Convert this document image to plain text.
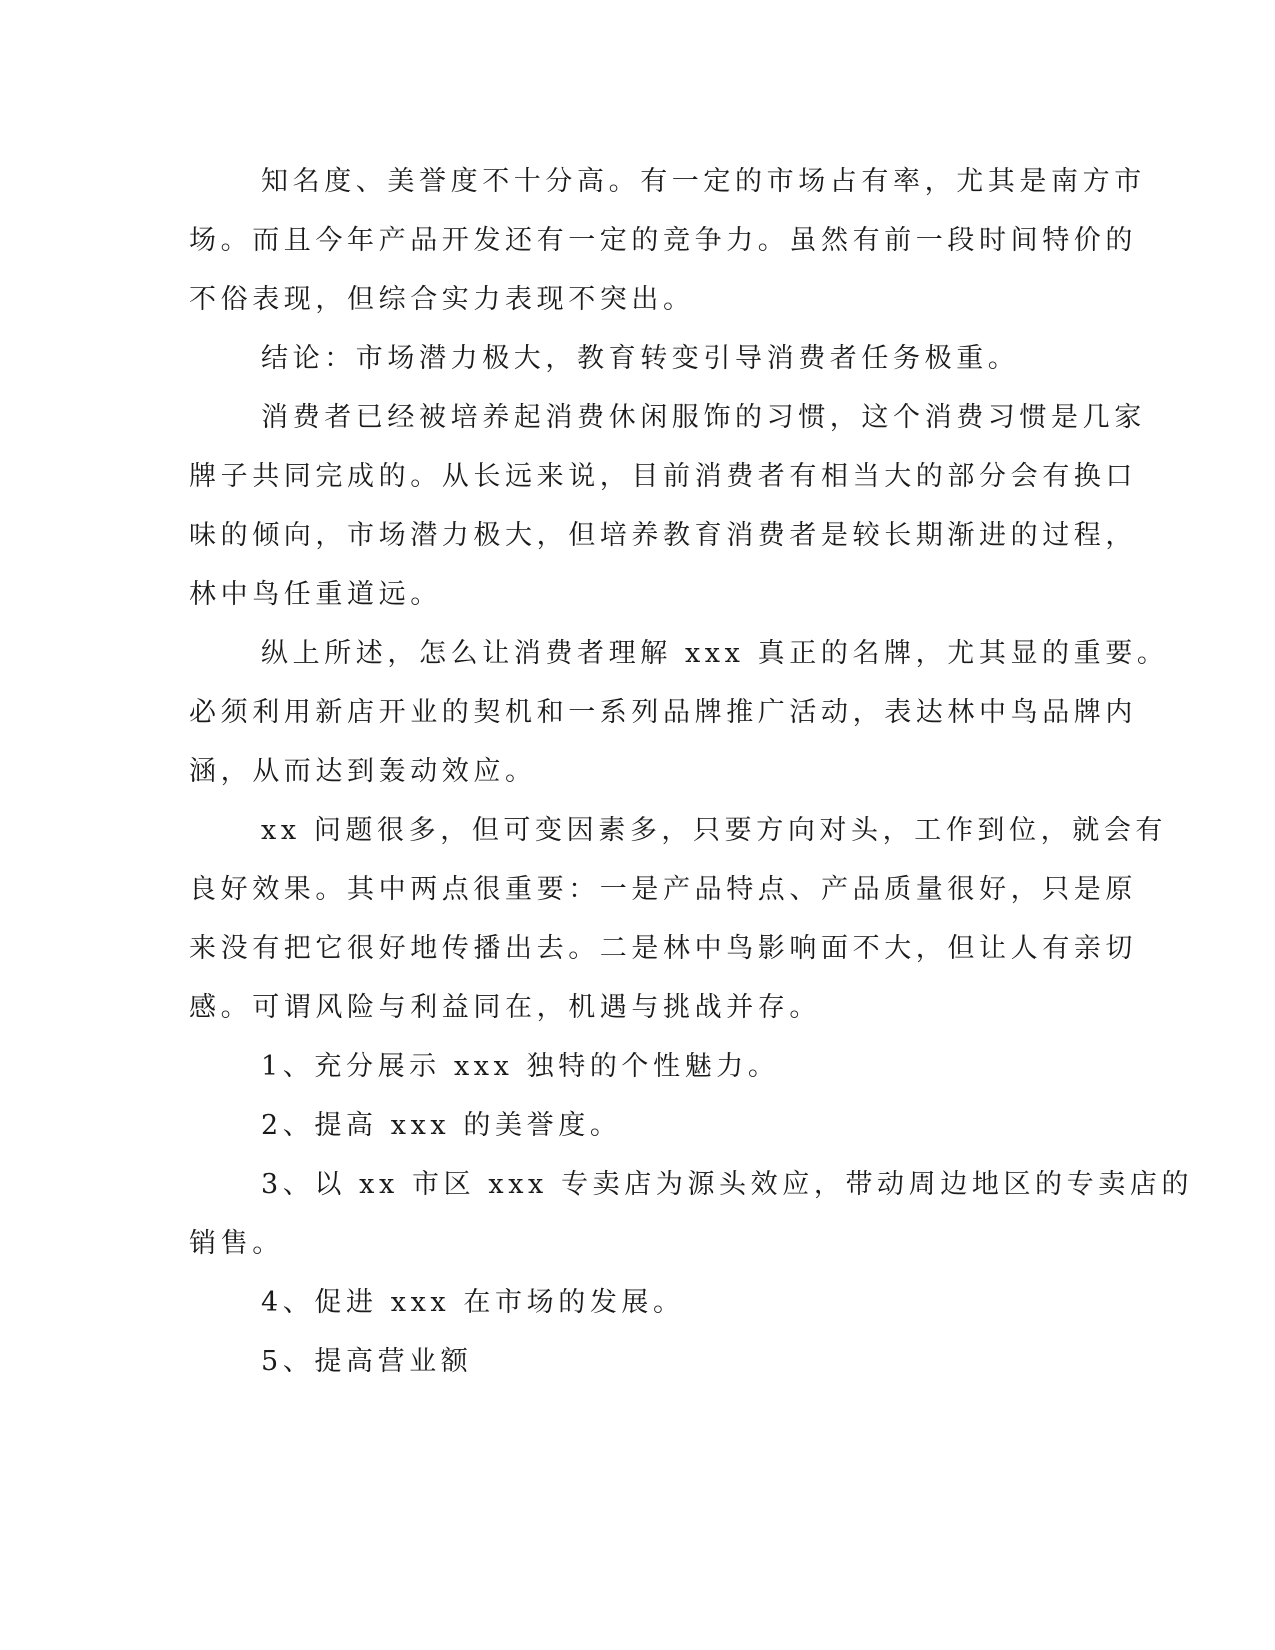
知名度、美誉度不十分高。有一定的市场占有率，尤其是南方市
场。而且今年产品开发还有一定的竞争力。虽然有前一段时间特价的
不俗表现，但综合实力表现不突出。
结论：市场潜力极大，教育转变引导消费者任务极重。
消费者已经被培养起消费休闲服饰的习惯，这个消费习惯是几家
牌子共同完成的。从长远来说，目前消费者有相当大的部分会有换口
味的倾向，市场潜力极大，但培养教育消费者是较长期渐进的过程，
林中鸟任重道远。
纵上所述，怎么让消费者理解 xxx 真正的名牌，尤其显的重要。
必须利用新店开业的契机和一系列品牌推广活动，表达林中鸟品牌内
涵，从而达到轰动效应。
xx 问题很多，但可变因素多，只要方向对头，工作到位，就会有
良好效果。其中两点很重要：一是产品特点、产品质量很好，只是原
来没有把它很好地传播出去。二是林中鸟影响面不大，但让人有亲切
感。可谓风险与利益同在，机遇与挑战并存。
1、充分展示 xxx 独特的个性魅力。
2、提高 xxx 的美誉度。
3、以 xx 市区 xxx 专卖店为源头效应，带动周边地区的专卖店的
销售。
4、促进 xxx 在市场的发展。
5、提高营业额
